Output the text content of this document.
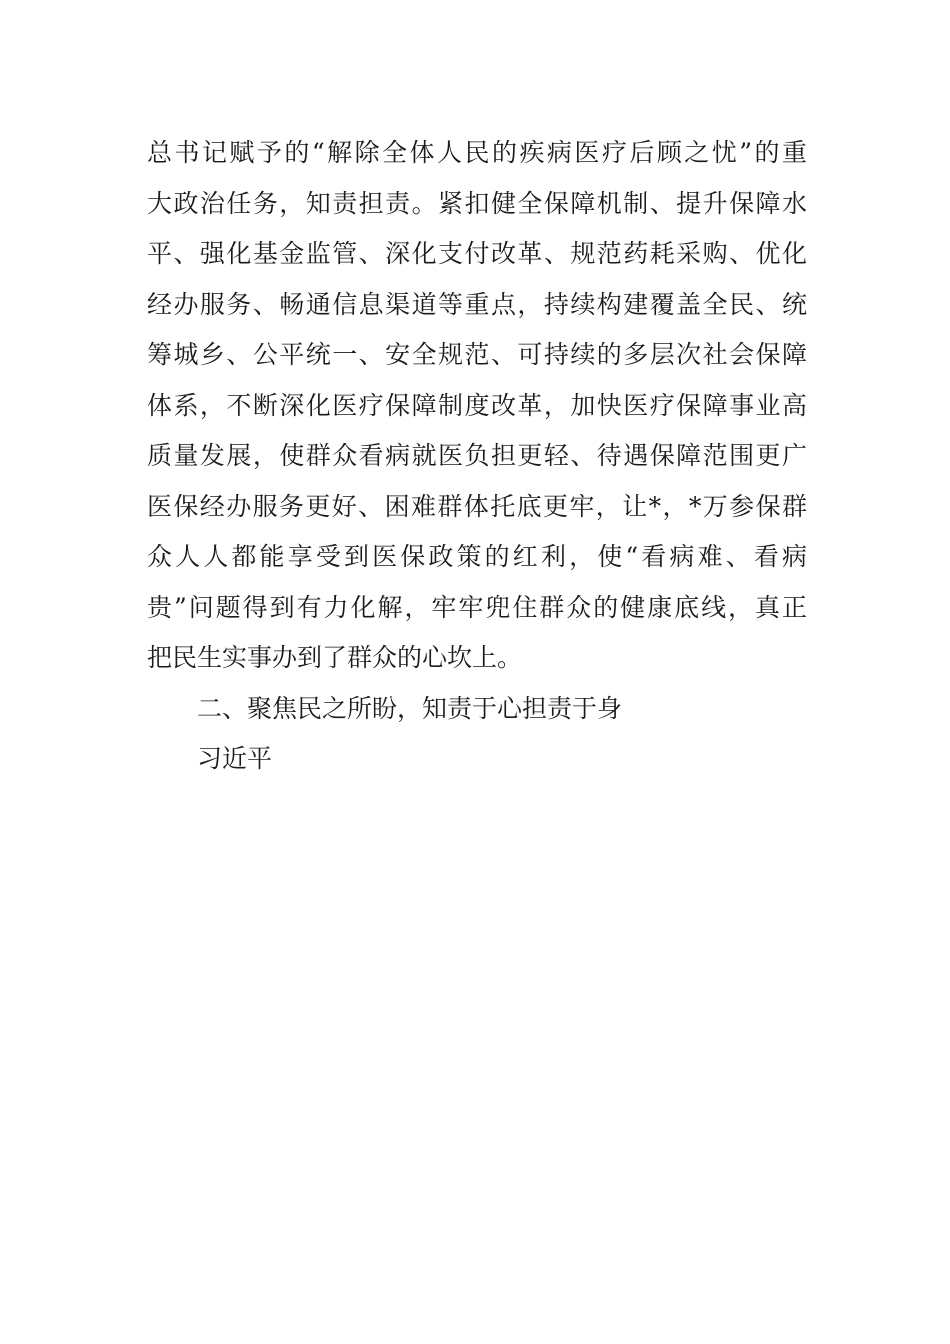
总书记赋予的“解除全体人民的疾病医疗后顾之忧”的重
大政治任务，知责担责。紧扣健全保障机制、提升保障水
平、强化基金监管、深化支付改革、规范药耗采购、优化
经办服务、畅通信息渠道等重点，持续构建覆盖全民、统
筹城乡、公平统一、安全规范、可持续的多层次社会保障
体系，不断深化医疗保障制度改革，加快医疗保障事业高
质量发展，使群众看病就医负担更轻、待遇保障范围更广
医保经办服务更好、困难群体托底更牢，让*，*万参保群
众人人都能享受到医保政策的红利，使“看病难、看病
贵”问题得到有力化解，牢牢兜住群众的健康底线，真正
把民生实事办到了群众的心坎上。
二、聚焦民之所盼，知责于心担责于身
习近平
